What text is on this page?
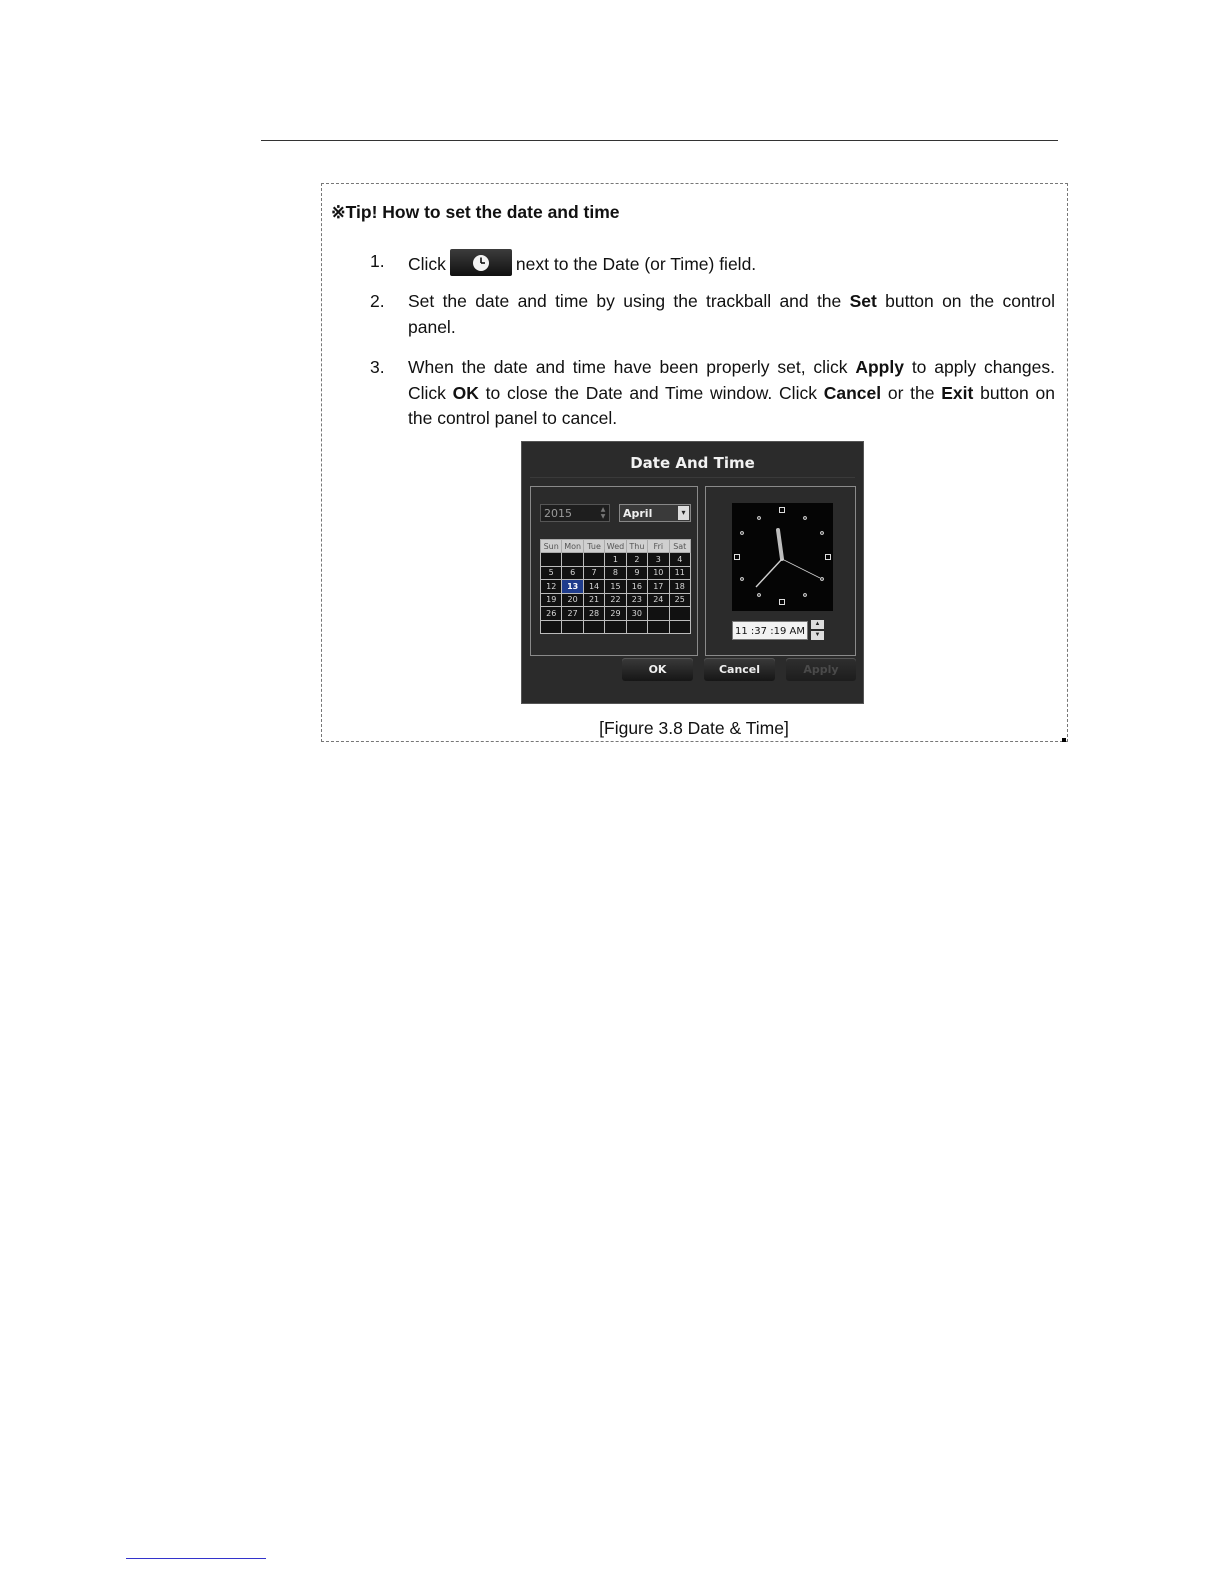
※Tip! How to set the date and time
1. Click	next to the Date (or Time) field.
2. Set the date and time by using the trackball and the Set button on the control panel.
3. When the date and time have been properly set, click Apply to apply changes. Click OK to close the Date and Time window. Click Cancel or the Exit button on the control panel to cancel.
Date And Time
2015	▲
▼	April	▾
Sun	Mon	Tue	Wed	Thu	Fri	Sat
			1	2	3	4
5	6	7	8	9	10	11
12	13	14	15	16	17	18
19	20	21	22	23	24	25
26	27	28	29	30		

11 :37 :19 AM
▲
▼
OK	Cancel	Apply
[Figure 3.8 Date & Time]
